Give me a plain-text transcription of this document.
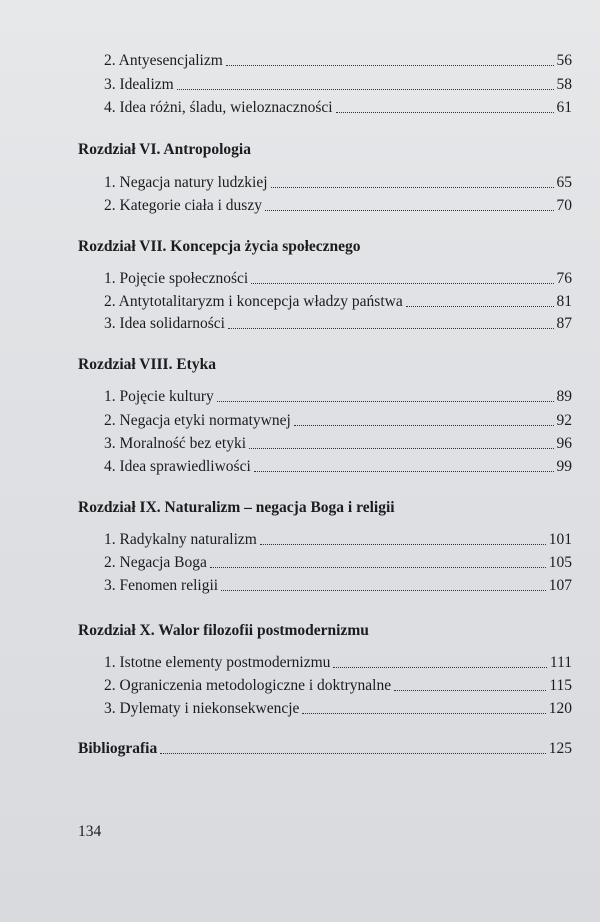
2. Antyesencjalizm	56
3. Idealizm	58
4. Idea różni, śladu, wieloznaczności	61
Rozdział VI. Antropologia
1. Negacja natury ludzkiej	65
2. Kategorie ciała i duszy	70
Rozdział VII. Koncepcja życia społecznego
1. Pojęcie społeczności	76
2. Antytotalitaryzm i koncepcja władzy państwa	81
3. Idea solidarności	87
Rozdział VIII. Etyka
1. Pojęcie kultury	89
2. Negacja etyki normatywnej	92
3. Moralność bez etyki	96
4. Idea sprawiedliwości	99
Rozdział IX. Naturalizm – negacja Boga i religii
1. Radykalny naturalizm	101
2. Negacja Boga	105
3. Fenomen religii	107
Rozdział X. Walor filozofii postmodernizmu
1. Istotne elementy postmodernizmu	111
2. Ograniczenia metodologiczne i doktrynalne	115
3. Dylematy i niekonsekwencje	120
Bibliografia	125
134
